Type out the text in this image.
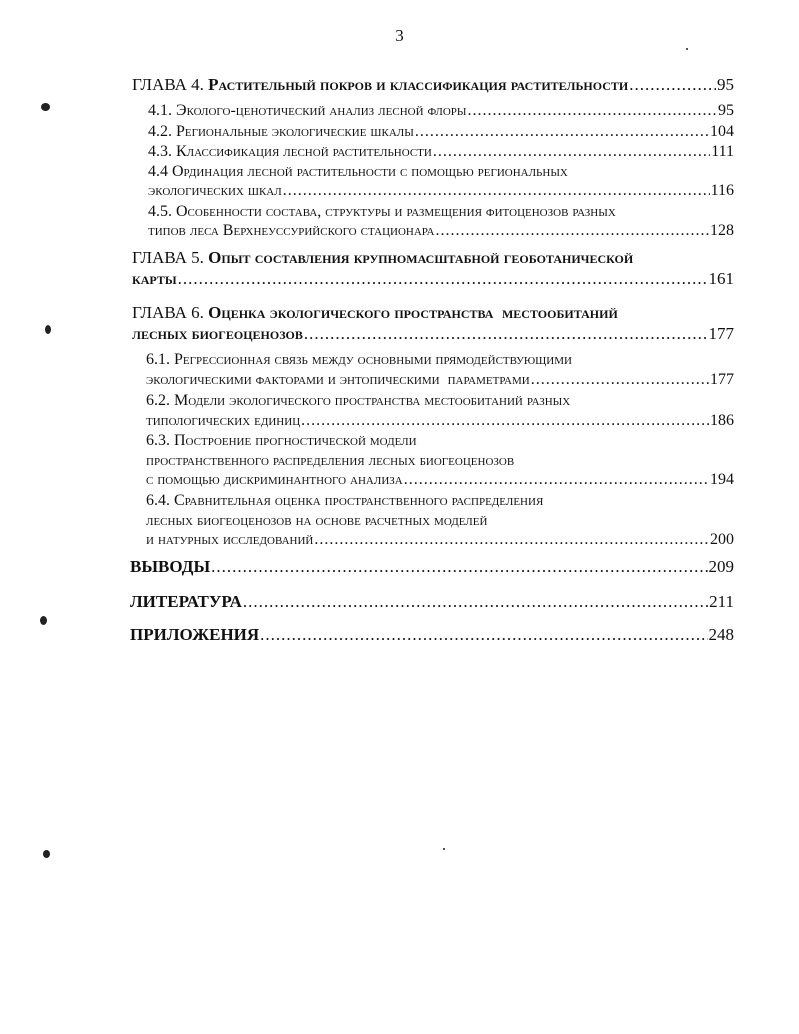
3
ГЛАВА 4. Растительный покров и классификация растительности .....	95
4.1. Эколого-ценотический анализ лесной флоры .....	95
4.2. Региональные экологические шкалы .....	104
4.3. Классификация лесной растительности .....	111
4.4 Ординация лесной растительности с помощью региональных
экологических шкал .....	116
4.5. Особенности состава, структуры и размещения фитоценозов разных
типов леса Верхнеуссурийского стационара .....	128
ГЛАВА 5. Опыт составления крупномасштабной геоботанической
карты .....	161
ГЛАВА 6. Оценка экологического пространства  местообитаний
лесных биогеоценозов .....	177
6.1. Регрессионная связь между основными прямодействующими
экологическими факторами и энтопическими  параметрами .....	177
6.2. Модели экологического пространства местообитаний разных
типологических единиц .....	186
6.3. Построение прогностической модели
пространственного распределения лесных биогеоценозов
с помощью дискриминантного анализа .....	194
6.4. Сравнительная оценка пространственного распределения
лесных биогеоценозов на основе расчетных моделей
и натурных исследований .....	200
ВЫВОДЫ .....	209
ЛИТЕРАТУРА .....	211
ПРИЛОЖЕНИЯ .....	248
